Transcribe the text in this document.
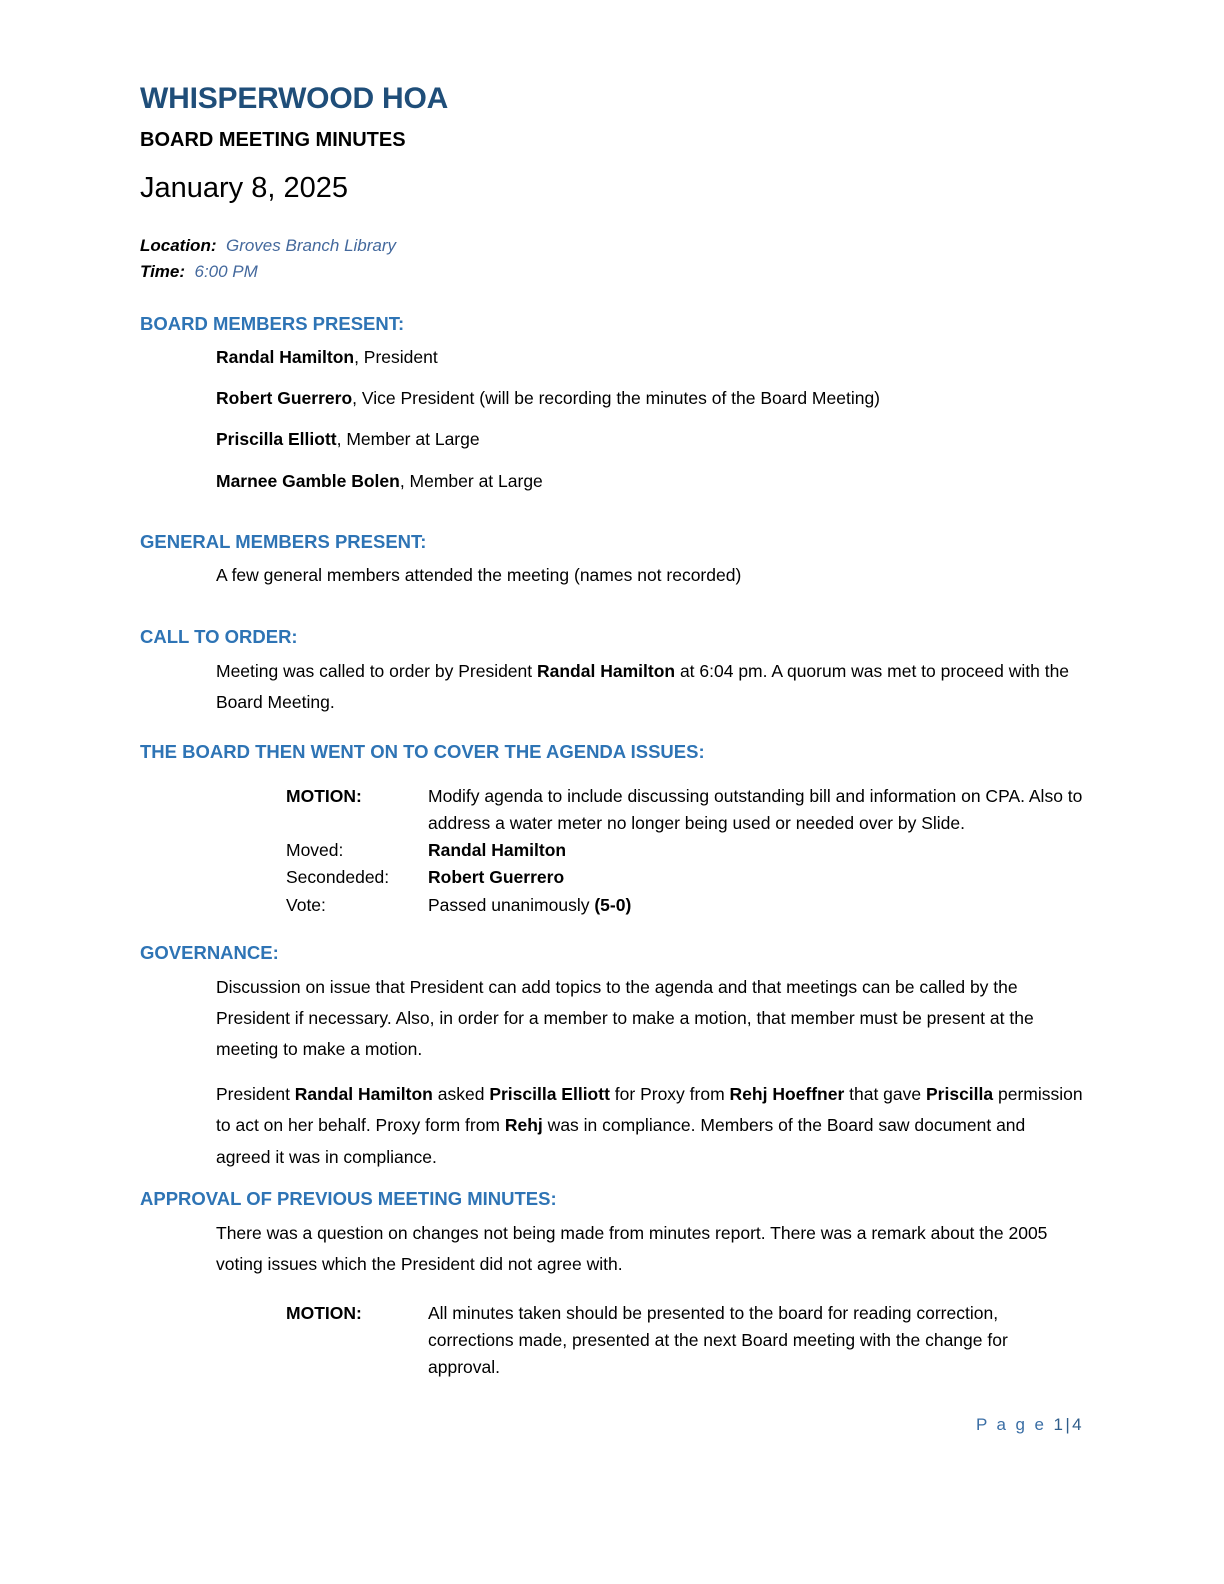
WHISPERWOOD HOA
BOARD MEETING MINUTES
January 8, 2025

Location: Groves Branch Library

Time: 6:00 PM

BOARD MEMBERS PRESENT:

Randal Hamilton, President

Robert Guerrero, Vice President (will be recording the minutes of the Board Meeting)

Priscilla Elliott, Member at Large

Marnee Gamble Bolen, Member at Large

GENERAL MEMBERS PRESENT:

A few general members attended the meeting (names not recorded)

CALL TO ORDER:

Meeting was called to order by President Randal Hamilton at 6:04 pm. A quorum was met to proceed with the Board Meeting.

THE BOARD THEN WENT ON TO COVER THE AGENDA ISSUES:
MOTION:	Modify agenda to include discussing outstanding bill and information on CPA. Also to address a water meter no longer being used or needed over by Slide.
Moved:	Randal Hamilton
Secondeded:	Robert Guerrero
Vote:	Passed unanimously (5-0)
GOVERNANCE:

Discussion on issue that President can add topics to the agenda and that meetings can be called by the President if necessary. Also, in order for a member to make a motion, that member must be present at the meeting to make a motion.

President Randal Hamilton asked Priscilla Elliott for Proxy from Rehj Hoeffner that gave Priscilla permission to act on her behalf. Proxy form from Rehj was in compliance. Members of the Board saw document and agreed it was in compliance.

APPROVAL OF PREVIOUS MEETING MINUTES:

There was a question on changes not being made from minutes report. There was a remark about the 2005 voting issues which the President did not agree with.

MOTION:	All minutes taken should be presented to the board for reading correction, corrections made, presented at the next Board meeting with the change for approval.
P a g e 1|4
